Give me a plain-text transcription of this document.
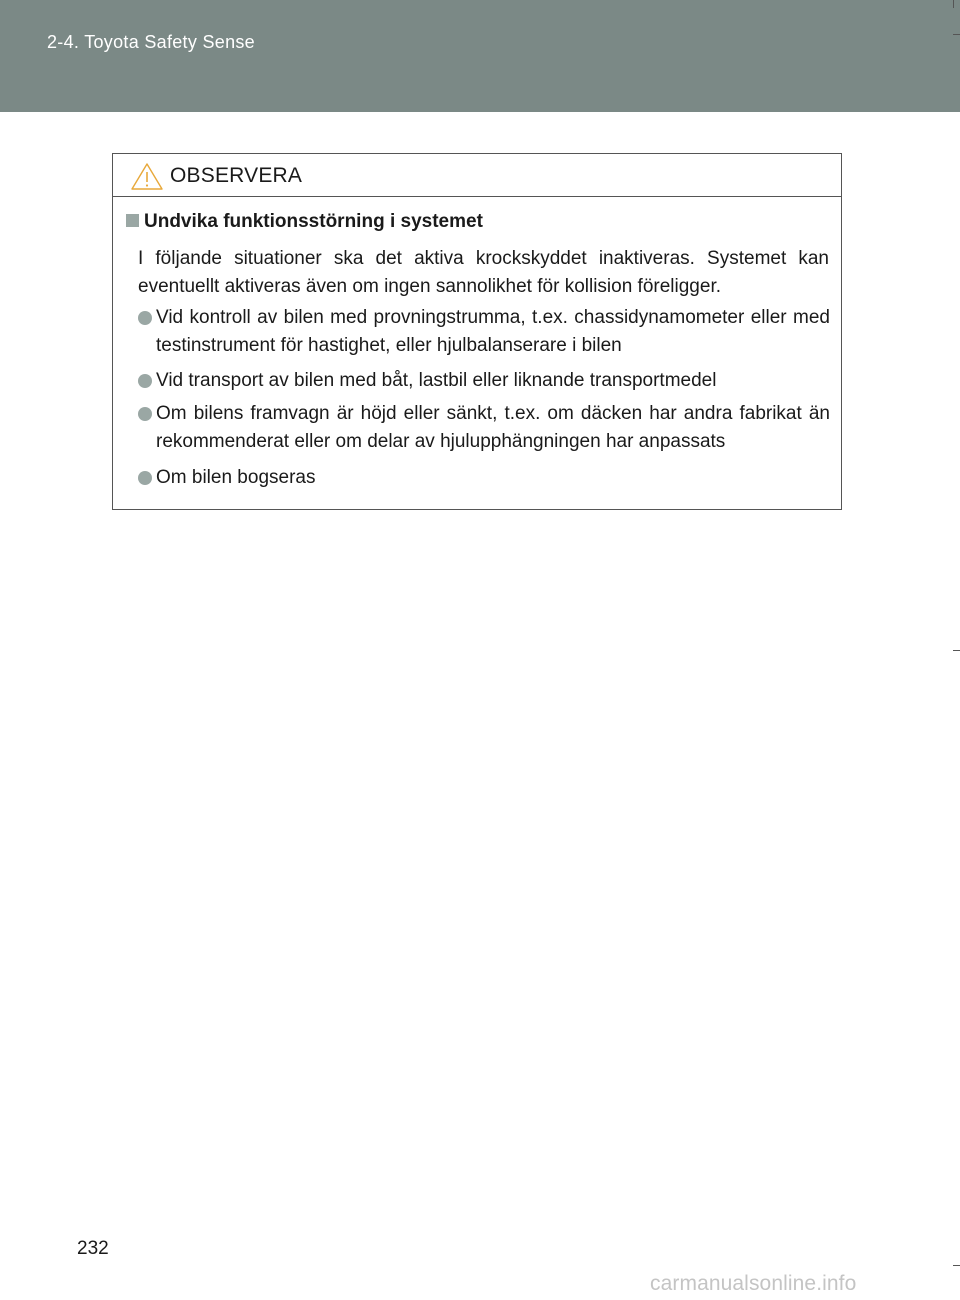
2-4. Toyota Safety Sense
OBSERVERA
Undvika funktionsstörning i systemet
I följande situationer ska det aktiva krockskyddet inaktiveras. Systemet kan eventuellt aktiveras även om ingen sannolikhet för kollision föreligger.
Vid kontroll av bilen med provningstrumma, t.ex. chassidynamometer eller med testinstrument för hastighet, eller hjulbalanserare i bilen
Vid transport av bilen med båt, lastbil eller liknande transportmedel
Om bilens framvagn är höjd eller sänkt, t.ex. om däcken har andra fabrikat än rekommenderat eller om delar av hjulupphängningen har anpassats
Om bilen bogseras
232
carmanualsonline.info
